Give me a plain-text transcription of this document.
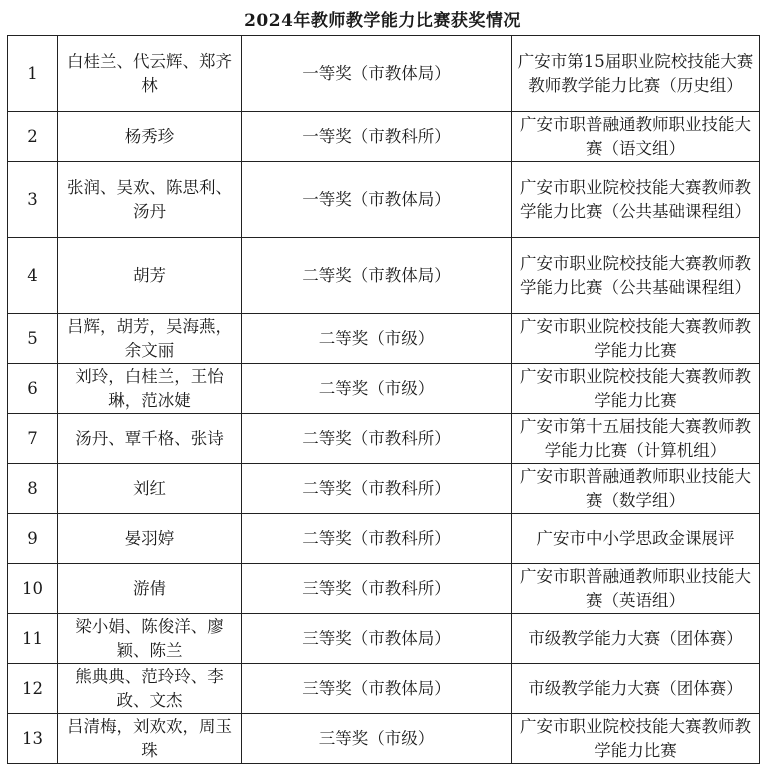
2024年教师教学能力比赛获奖情况
1	白桂兰、代云辉、郑齐林	一等奖（市教体局）	广安市第15届职业院校技能大赛教师教学能力比赛（历史组）
2	杨秀珍	一等奖（市教科所）	广安市职普融通教师职业技能大赛（语文组）
3	张润、吴欢、陈思利、汤丹	一等奖（市教体局）	广安市职业院校技能大赛教师教学能力比赛（公共基础课程组）
4	胡芳	二等奖（市教体局）	广安市职业院校技能大赛教师教学能力比赛（公共基础课程组）
5	吕辉，胡芳，吴海燕，余文丽	二等奖（市级）	广安市职业院校技能大赛教师教学能力比赛
6	刘玲，白桂兰，王怡琳，范冰婕	二等奖（市级）	广安市职业院校技能大赛教师教学能力比赛
7	汤丹、覃千格、张诗	二等奖（市教科所）	广安市第十五届技能大赛教师教学能力比赛（计算机组）
8	刘红	二等奖（市教科所）	广安市职普融通教师职业技能大赛（数学组）
9	晏羽婷	二等奖（市教科所）	广安市中小学思政金课展评
10	游倩	三等奖（市教科所）	广安市职普融通教师职业技能大赛（英语组）
11	梁小娟、陈俊洋、廖颖、陈兰	三等奖（市教体局）	市级教学能力大赛（团体赛）
12	熊典典、范玲玲、李政、文杰	三等奖（市教体局）	市级教学能力大赛（团体赛）
13	吕清梅，刘欢欢，周玉珠	三等奖（市级）	广安市职业院校技能大赛教师教学能力比赛
